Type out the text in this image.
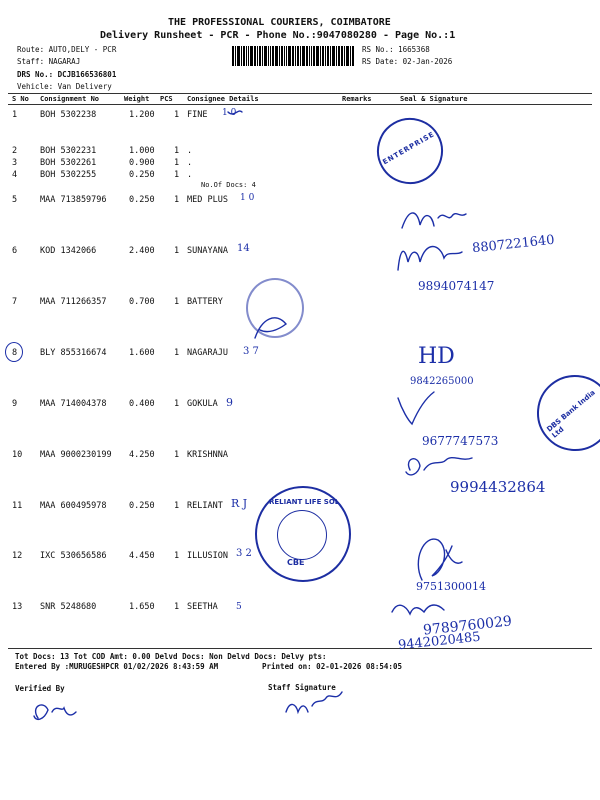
THE PROFESSIONAL COURIERS, COIMBATORE
Delivery Runsheet - PCR - Phone No.:9047080280 - Page No.:1
Route: AUTO,DELY - PCR
Staff: NAGARAJ
DRS No.: DCJB166536801
Vehicle: Van Delivery
RS No.: 1665368
RS Date: 02-Jan-2026
S No Consignment No	Weight PCS Consignee Details	Remarks	Seal & Signature
1	BOH 5302238	1.200 1 FINE
2	BOH 5302231	1.000 1 .
3	BOH 5302261	0.900 1 .
4	BOH 5302255	0.250 1 .
No.Of Docs: 4
5	MAA 713859796	0.250 1 MED PLUS
6	KOD 1342066	2.400 1 SUNAYANA
7	MAA 711266357	0.700 1 BATTERY
8	BLY 855316674	1.600 1 NAGARAJU
9	MAA 714004378	0.400 1 GOKULA
10 MAA 9000230199 4.250 1 KRISHNNA
11 MAA 600495978	0.250 1 RELIANT
12 IXC 530656586	4.450 1 ILLUSION
13 SNR 5248680	1.650 1 SEETHA
Tot Docs: 13 Tot COD Amt: 0.00 Delvd Docs: Non Delvd Docs: Delvy pts:
Entered By :MURUGESHPCR 01/02/2026 8:43:59 AM	Printed on: 02-01-2026 08:54:05
Verified By	Staff Signature
1 0
1 0
14
3 7
9
R J
3 2
5
8807221640
9894074147
HD
9842265000
9677747573
9994432864
9751300014
9789760029
9442020485
ENTERPRISE
DBS Bank India Ltd
RELIANT LIFE SOL
CBE
